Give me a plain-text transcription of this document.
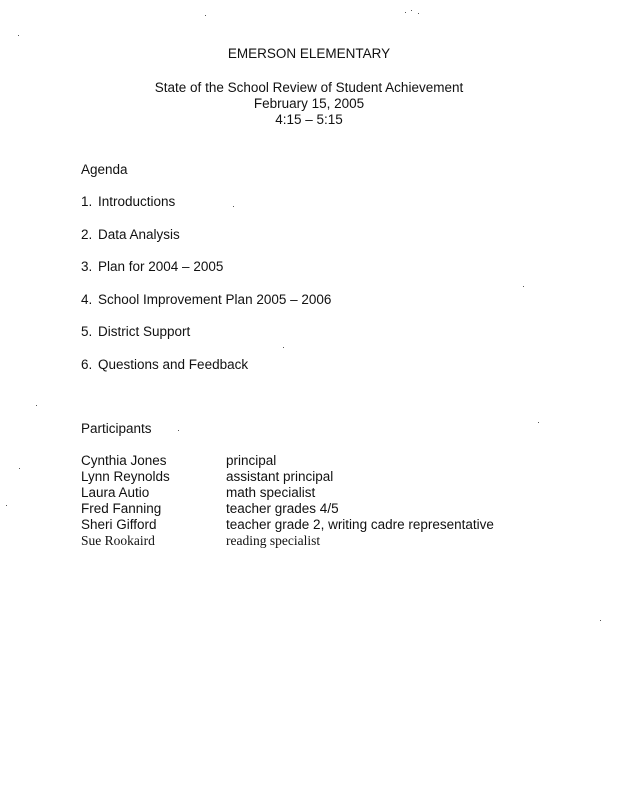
EMERSON ELEMENTARY
State of the School Review of Student Achievement
February 15, 2005
4:15 – 5:15
Agenda
1. Introductions
2. Data Analysis
3. Plan for 2004 – 2005
4. School Improvement Plan 2005 – 2006
5. District Support
6. Questions and Feedback
Participants
Cynthia Jones	principal
Lynn Reynolds	assistant principal
Laura Autio	math specialist
Fred Fanning	teacher grades 4/5
Sheri Gifford	teacher grade 2, writing cadre representative
Sue Rookaird	reading specialist
